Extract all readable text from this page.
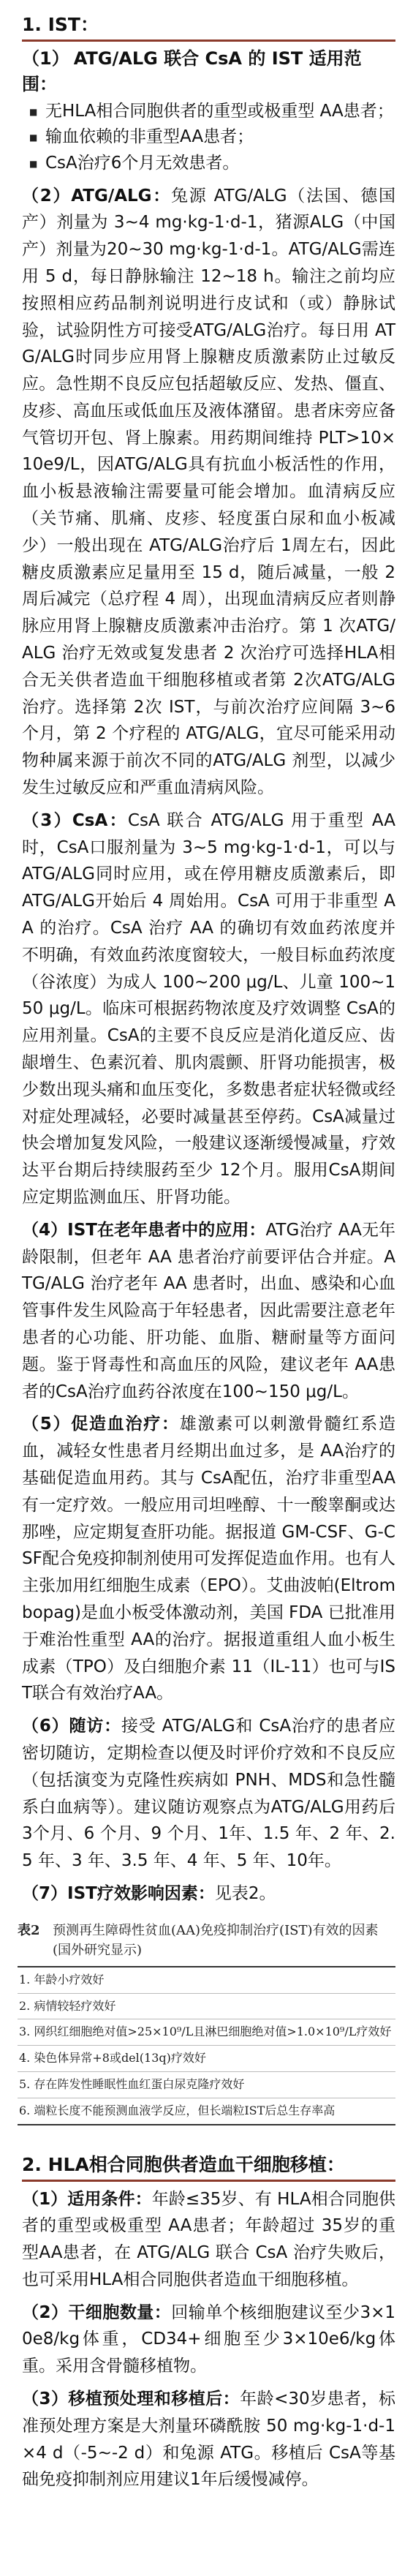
1. IST：
（1） ATG/ALG 联合 CsA 的 IST 适用范围：
■ 无HLA相合同胞供者的重型或极重型 AA患者；
■ 输血依赖的非重型AA患者；
■ CsA治疗6个月无效患者。

（2）ATG/ALG：兔源 ATG/ALG（法国、德国产）剂量为 3~4 mg·kg-1·d-1，猪源ALG（中国产）剂量为20~30 mg·kg-1·d-1。ATG/ALG需连用 5 d，每日静脉输注 12~18 h。输注之前均应按照相应药品制剂说明进行皮试和（或）静脉试验，试验阴性方可接受ATG/ALG治疗。每日用 ATG/ALG时同步应用肾上腺糖皮质激素防止过敏反应。急性期不良反应包括超敏反应、发热、僵直、皮疹、高血压或低血压及液体潴留。患者床旁应备气管切开包、肾上腺素。用药期间维持 PLT>10×10e9/L，因ATG/ALG具有抗血小板活性的作用，血小板悬液输注需要量可能会增加。血清病反应（关节痛、肌痛、皮疹、轻度蛋白尿和血小板减少）一般出现在 ATG/ALG治疗后 1周左右，因此糖皮质激素应足量用至 15 d，随后减量，一般 2周后减完（总疗程 4 周），出现血清病反应者则静脉应用肾上腺糖皮质激素冲击治疗。第 1 次ATG/ALG 治疗无效或复发患者 2 次治疗可选择HLA相合无关供者造血干细胞移植或者第 2次ATG/ALG治疗。选择第 2次 IST，与前次治疗应间隔 3~6个月，第 2 个疗程的 ATG/ALG，宜尽可能采用动物种属来源于前次不同的ATG/ALG 剂型，以减少发生过敏反应和严重血清病风险。

（3）CsA：CsA 联合 ATG/ALG 用于重型 AA 时，CsA口服剂量为 3~5 mg·kg-1·d-1，可以与 ATG/ALG同时应用，或在停用糖皮质激素后，即 ATG/ALG开始后 4 周始用。CsA 可用于非重型 AA 的治疗。CsA 治疗 AA 的确切有效血药浓度并不明确，有效血药浓度窗较大，一般目标血药浓度（谷浓度）为成人 100~200 μg/L、儿童 100~150 μg/L。临床可根据药物浓度及疗效调整 CsA的应用剂量。CsA的主要不良反应是消化道反应、齿龈增生、色素沉着、肌肉震颤、肝肾功能损害，极少数出现头痛和血压变化，多数患者症状轻微或经对症处理减轻，必要时减量甚至停药。CsA减量过快会增加复发风险，一般建议逐渐缓慢减量，疗效达平台期后持续服药至少 12个月。服用CsA期间应定期监测血压、肝肾功能。

（4）IST在老年患者中的应用：ATG治疗 AA无年龄限制，但老年 AA 患者治疗前要评估合并症。ATG/ALG 治疗老年 AA 患者时，出血、感染和心血管事件发生风险高于年轻患者，因此需要注意老年患者的心功能、肝功能、血脂、糖耐量等方面问题。鉴于肾毒性和高血压的风险，建议老年 AA患者的CsA治疗血药谷浓度在100~150 μg/L。

（5）促造血治疗：雄激素可以刺激骨髓红系造血，减轻女性患者月经期出血过多，是 AA治疗的基础促造血用药。其与 CsA配伍，治疗非重型AA有一定疗效。一般应用司坦唑醇、十一酸睾酮或达那唑，应定期复查肝功能。据报道 GM-CSF、G-CSF配合免疫抑制剂使用可发挥促造血作用。也有人主张加用红细胞生成素（EPO）。艾曲波帕(Eltrombopag)是血小板受体激动剂，美国 FDA 已批准用于难治性重型 AA的治疗。据报道重组人血小板生成素（TPO）及白细胞介素 11（IL-11）也可与IST联合有效治疗AA。

（6）随访：接受 ATG/ALG和 CsA治疗的患者应密切随访，定期检查以便及时评价疗效和不良反应（包括演变为克隆性疾病如 PNH、MDS和急性髓系白血病等）。建议随访观察点为ATG/ALG用药后 3个月、6 个月、9 个月、1年、1.5 年、2 年、2.5 年、3 年、3.5 年、4 年、5 年、10年。

（7）IST疗效影响因素：见表2。

表2 预测再生障碍性贫血(AA)免疫抑制治疗(IST)有效的因素(国外研究显示)
1. 年龄小疗效好
2. 病情较轻疗效好
3. 网织红细胞绝对值>25×10⁹/L且淋巴细胞绝对值>1.0×10⁹/L疗效好
4. 染色体异常+8或del(13q)疗效好
5. 存在阵发性睡眠性血红蛋白尿克隆疗效好
6. 端粒长度不能预测血液学反应，但长端粒IST后总生存率高
2. HLA相合同胞供者造血干细胞移植：

（1）适用条件：年龄≤35岁、有 HLA相合同胞供者的重型或极重型 AA患者；年龄超过 35岁的重型AA患者，在 ATG/ALG 联合 CsA 治疗失败后，也可采用HLA相合同胞供者造血干细胞移植。

（2）干细胞数量：回输单个核细胞建议至少3×10e8/kg体重，CD34+细胞至少3×10e6/kg体重。采用含骨髓移植物。

（3）移植预处理和移植后：年龄<30岁患者，标准预处理方案是大剂量环磷酰胺 50 mg·kg-1·d-1 ×4 d（-5~-2 d）和兔源 ATG。移植后 CsA等基础免疫抑制剂应用建议1年后缓慢减停。
